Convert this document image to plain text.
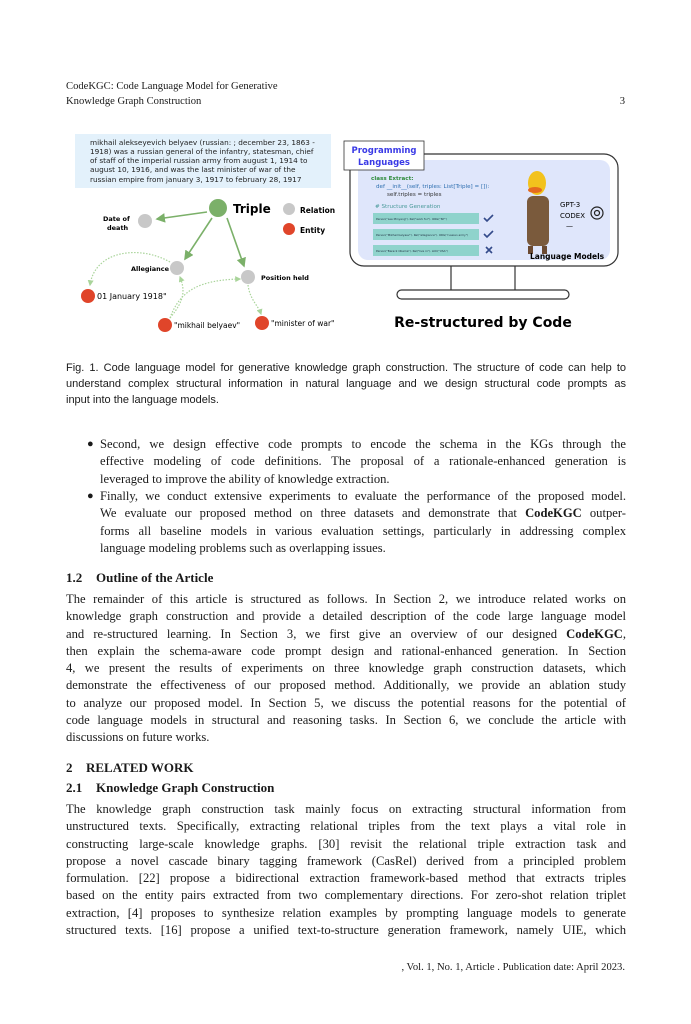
CodeKGC: Code Language Model for Generative
Knowledge Graph Construction	3
mikhail alekseyevich belyaev (russian: ; december 23, 1863 -
1918) was a russian general of the infantry, statesman, chief
of staff of the imperial russian army from august 1, 1914 to
august 10, 1916, and was the last minister of war of the
russian empire from january 3, 1917 to february 28, 1917
Triple	Relation
Entity
Date of
death
Allegiance
Position held
01 January 1918"
"mikhail belyaev"	"minister of war"
Programming
Languages
class Extract:
def __init__(self, triples: List[Triple] = []):
self.triples = triples
# Structure Generation
Person("Lee Minyang"). Rel("work for"). ORG("NY")
Person("Mikhail belyaev"). Rel("allegiance"). ORG("russian army")
Person("Barack Obama"). Rel("live in"). LOC("USA")
GPT-3
CODEX
—
Language Models
Re-structured by Code
Fig. 1. Code language model for generative knowledge graph construction. The structure of code can help to
understand complex structural information in natural language and we design structural code prompts as
input into the language models.
● Second, we design effective code prompts to encode the schema in the KGs through the
effective modeling of code definitions. The proposal of a rationale-enhanced generation is
leveraged to improve the ability of knowledge extraction.
● Finally, we conduct extensive experiments to evaluate the performance of the proposed model.
We evaluate our proposed method on three datasets and demonstrate that CodeKGC outper-
forms all baseline models in various evaluation settings, particularly in addressing complex
language modeling problems such as overlapping issues.
1.2 Outline of the Article
The remainder of this article is structured as follows. In Section 2, we introduce related works on
knowledge graph construction and provide a detailed description of the code large language model
and re-structured learning. In Section 3, we first give an overview of our designed CodeKGC,
then explain the schema-aware code prompt design and rational-enhanced generation. In Section
4, we present the results of experiments on three knowledge graph construction datasets, which
demonstrate the effectiveness of our proposed method. Additionally, we provide an ablation study
to analyze our proposed model. In Section 5, we discuss the potential reasons for the potential of
code language models in structural and reasoning tasks. In Section 6, we conclude the article with
discussions on future works.
2 RELATED WORK
2.1 Knowledge Graph Construction
The knowledge graph construction task mainly focus on extracting structural information from
unstructured texts. Specifically, extracting relational triples from the text plays a vital role in
constructing large-scale knowledge graphs. [30] revisit the relational triple extraction task and
propose a novel cascade binary tagging framework (CasRel) derived from a principled problem
formulation. [22] propose a bidirectional extraction framework-based method that extracts triples
based on the entity pairs extracted from two complementary directions. For zero-shot relation triplet
extraction, [4] proposes to synthesize relation examples by prompting language models to generate
structured texts. [16] propose a unified text-to-structure generation framework, namely UIE, which
, Vol. 1, No. 1, Article . Publication date: April 2023.
